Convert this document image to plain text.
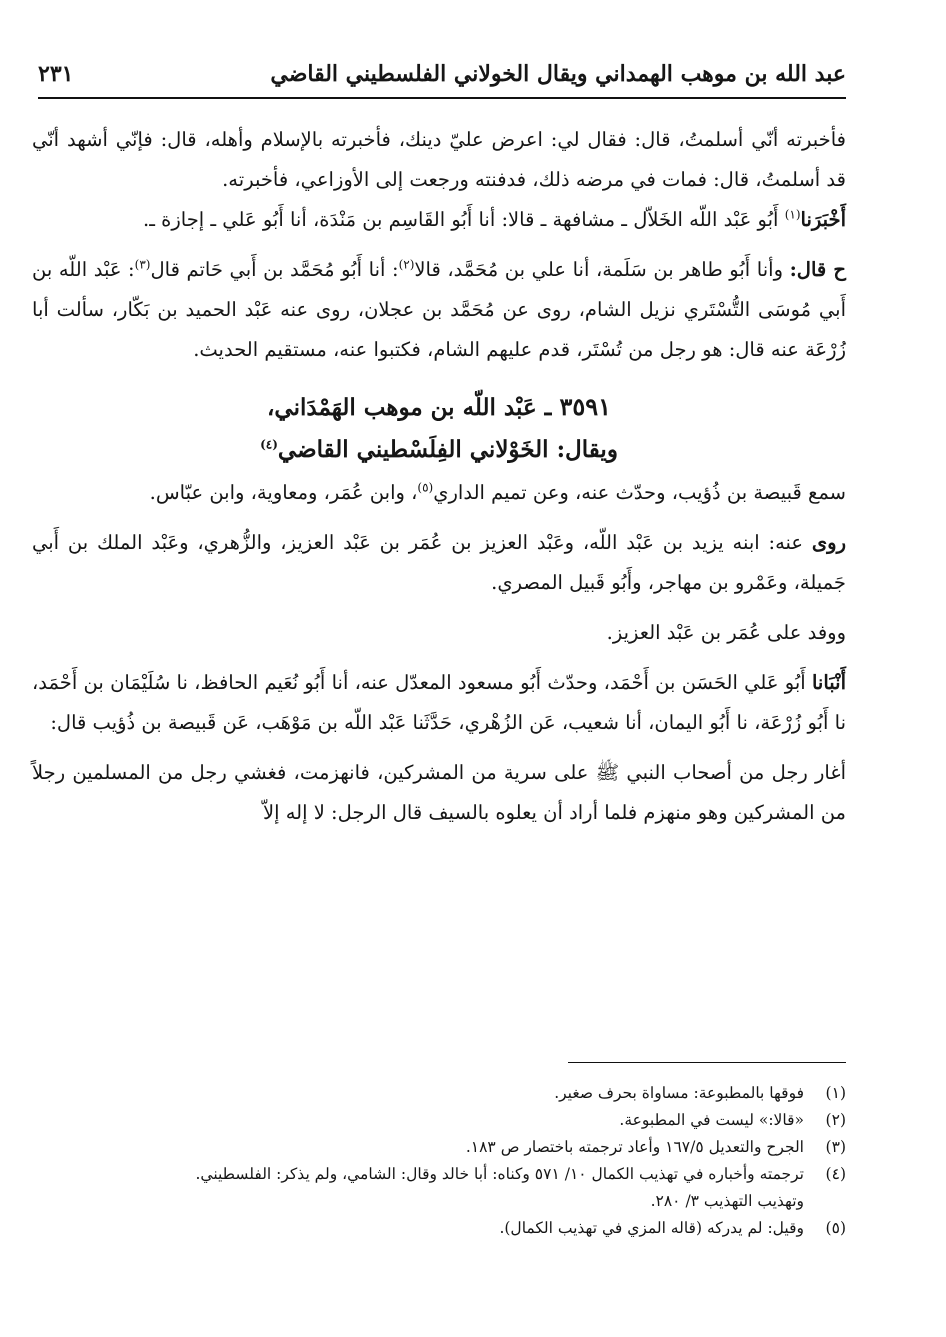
عبد الله بن موهب الهمداني ويقال الخولاني الفلسطيني القاضي
٢٣١

فأخبرته أنّي أسلمتُ، قال: فقال لي: اعرض عليّ دينك، فأخبرته بالإسلام وأهله، قال: فإنّي أشهد أنّي قد أسلمتُ، قال: فمات في مرضه ذلك، فدفنته ورجعت إلى الأوزاعي، فأخبرته.

أَخْبَرَنا$^{(١)}$ أَبُو عَبْد اللّه الخَلاّل ـ مشافهة ـ قالا: أنا أَبُو القَاسِم بن مَنْدَة، أنا أَبُو عَلي ـ إجازة ـ.

ح قال: وأنا أَبُو طاهر بن سَلَمة، أنا علي بن مُحَمَّد، قالا$^{(٢)}$: أنا أَبُو مُحَمَّد بن أَبي حَاتم قال$^{(٣)}$: عَبْد اللّه بن أَبي مُوسَى التُّسْتَري نزيل الشام، روى عن مُحَمَّد بن عجلان، روى عنه عَبْد الحميد بن بَكّار، سألت أبا زُرْعَة عنه قال: هو رجل من تُسْتَر، قدم عليهم الشام، فكتبوا عنه، مستقيم الحديث.

٣٥٩١ ـ عَبْد اللّه بن موهب الهَمْدَاني،
ويقال: الخَوْلاني الفِلَسْطيني القاضي$^{(٤)}$

سمع قَبيصة بن ذُؤيب، وحدّث عنه، وعن تميم الداري$^{(٥)}$، وابن عُمَر، ومعاوية، وابن عبّاس.

روى عنه: ابنه يزيد بن عَبْد اللّه، وعَبْد العزيز بن عُمَر بن عَبْد العزيز، والزُّهري، وعَبْد الملك بن أَبي جَميلة، وعَمْرو بن مهاجر، وأَبُو قَبيل المصري.

ووفد على عُمَر بن عَبْد العزيز.

أَنْبَانا أَبُو عَلي الحَسَن بن أَحْمَد، وحدّث أَبُو مسعود المعدّل عنه، أنا أَبُو نُعَيم الحافظ، نا سُلَيْمَان بن أَحْمَد، نا أَبُو زُرْعَة، نا أَبُو اليمان، أنا شعيب، عَن الزُهْري، حَدَّثَنا عَبْد اللّه بن مَوْهَب، عَن قَبيصة بن ذُؤيب قال:

أغار رجل من أصحاب النبي ﷺ على سرية من المشركين، فانهزمت، فغشي رجل من المسلمين رجلاً من المشركين وهو منهزم فلما أراد أن يعلوه بالسيف قال الرجل: لا إله إلاّ

(١)
فوقها بالمطبوعة: مساواة بحرف صغير.
(٢)
«قالا:» ليست في المطبوعة.
(٣)
الجرح والتعديل ١٦٧/٥ وأعاد ترجمته باختصار ص ١٨٣.
(٤)
ترجمته وأخباره في تهذيب الكمال ١٠/ ٥٧١ وكناه: أبا خالد وقال: الشامي، ولم يذكر: الفلسطيني.
وتهذيب التهذيب ٣/ ٢٨٠.
(٥)
وقيل: لم يدركه (قاله المزي في تهذيب الكمال).
